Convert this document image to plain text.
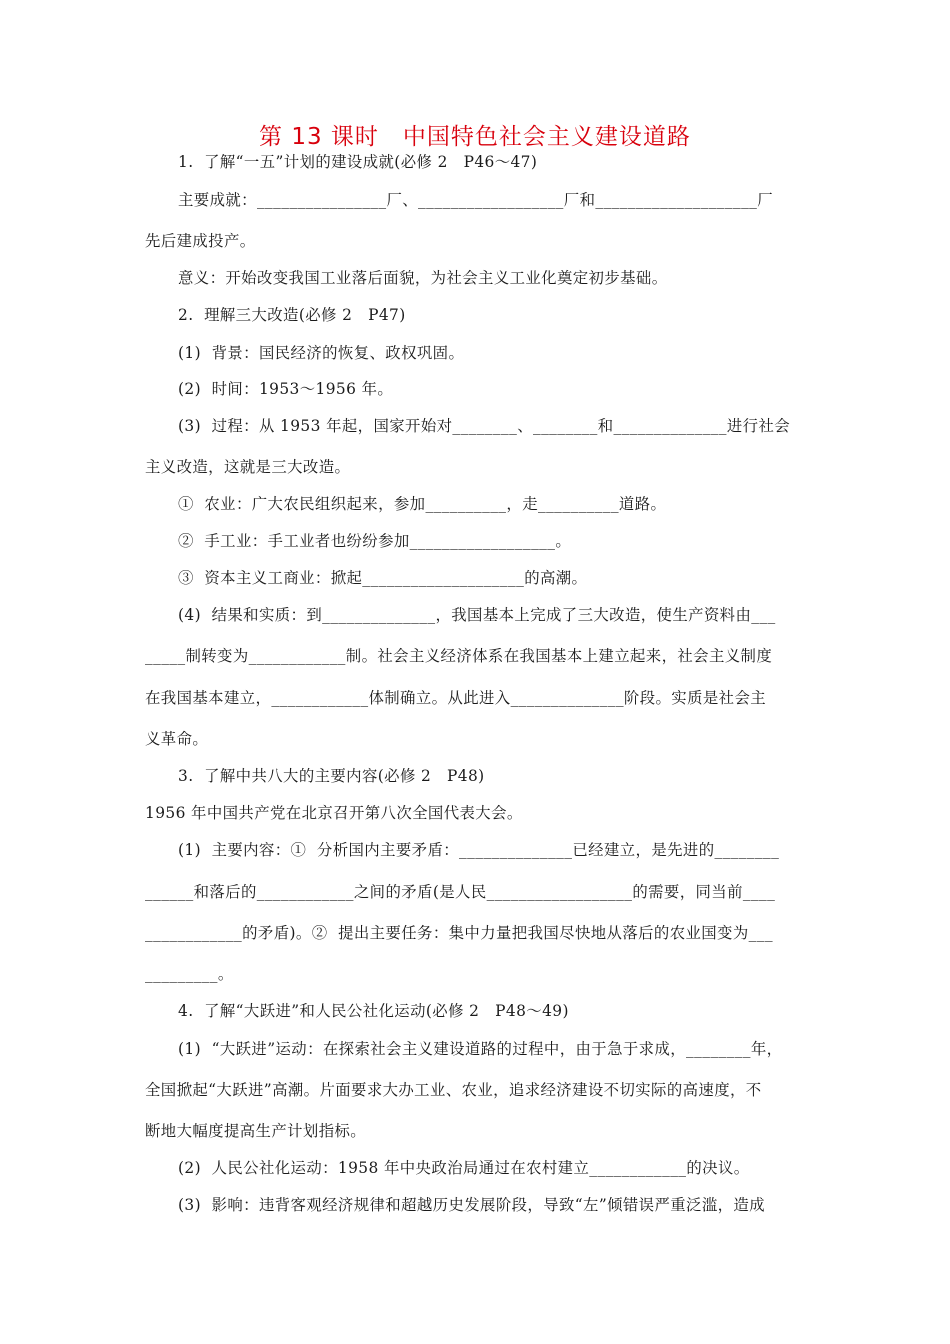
第 13 课时　中国特色社会主义建设道路
1.  了解“一五”计划的建设成就(必修 2　P46～47)
主要成就：________________厂、__________________厂和____________________厂
先后建成投产。
意义：开始改变我国工业落后面貌，为社会主义工业化奠定初步基础。
2.  理解三大改造(必修 2　P47)
(1)  背景：国民经济的恢复、政权巩固。
(2)  时间：1953～1956 年。
(3)  过程：从 1953 年起，国家开始对________、________和______________进行社会
主义改造，这就是三大改造。
①  农业：广大农民组织起来，参加__________，走__________道路。
②  手工业：手工业者也纷纷参加__________________。
③  资本主义工商业：掀起____________________的高潮。
(4)  结果和实质：到______________，我国基本上完成了三大改造，使生产资料由___
_____制转变为____________制。社会主义经济体系在我国基本上建立起来，社会主义制度
在我国基本建立，____________体制确立。从此进入______________阶段。实质是社会主
义革命。
3.  了解中共八大的主要内容(必修 2　P48)
1956 年中国共产党在北京召开第八次全国代表大会。
(1)  主要内容：①  分析国内主要矛盾：______________已经建立，是先进的________
______和落后的____________之间的矛盾(是人民__________________的需要，同当前____
____________的矛盾)。②  提出主要任务：集中力量把我国尽快地从落后的农业国变为___
_________。
4.  了解“大跃进”和人民公社化运动(必修 2　P48～49)
(1)  “大跃进”运动：在探索社会主义建设道路的过程中，由于急于求成，________年，
全国掀起“大跃进”高潮。片面要求大办工业、农业，追求经济建设不切实际的高速度，不
断地大幅度提高生产计划指标。
(2)  人民公社化运动：1958 年中央政治局通过在农村建立____________的决议。
(3)  影响：违背客观经济规律和超越历史发展阶段，导致“左”倾错误严重泛滥，造成
